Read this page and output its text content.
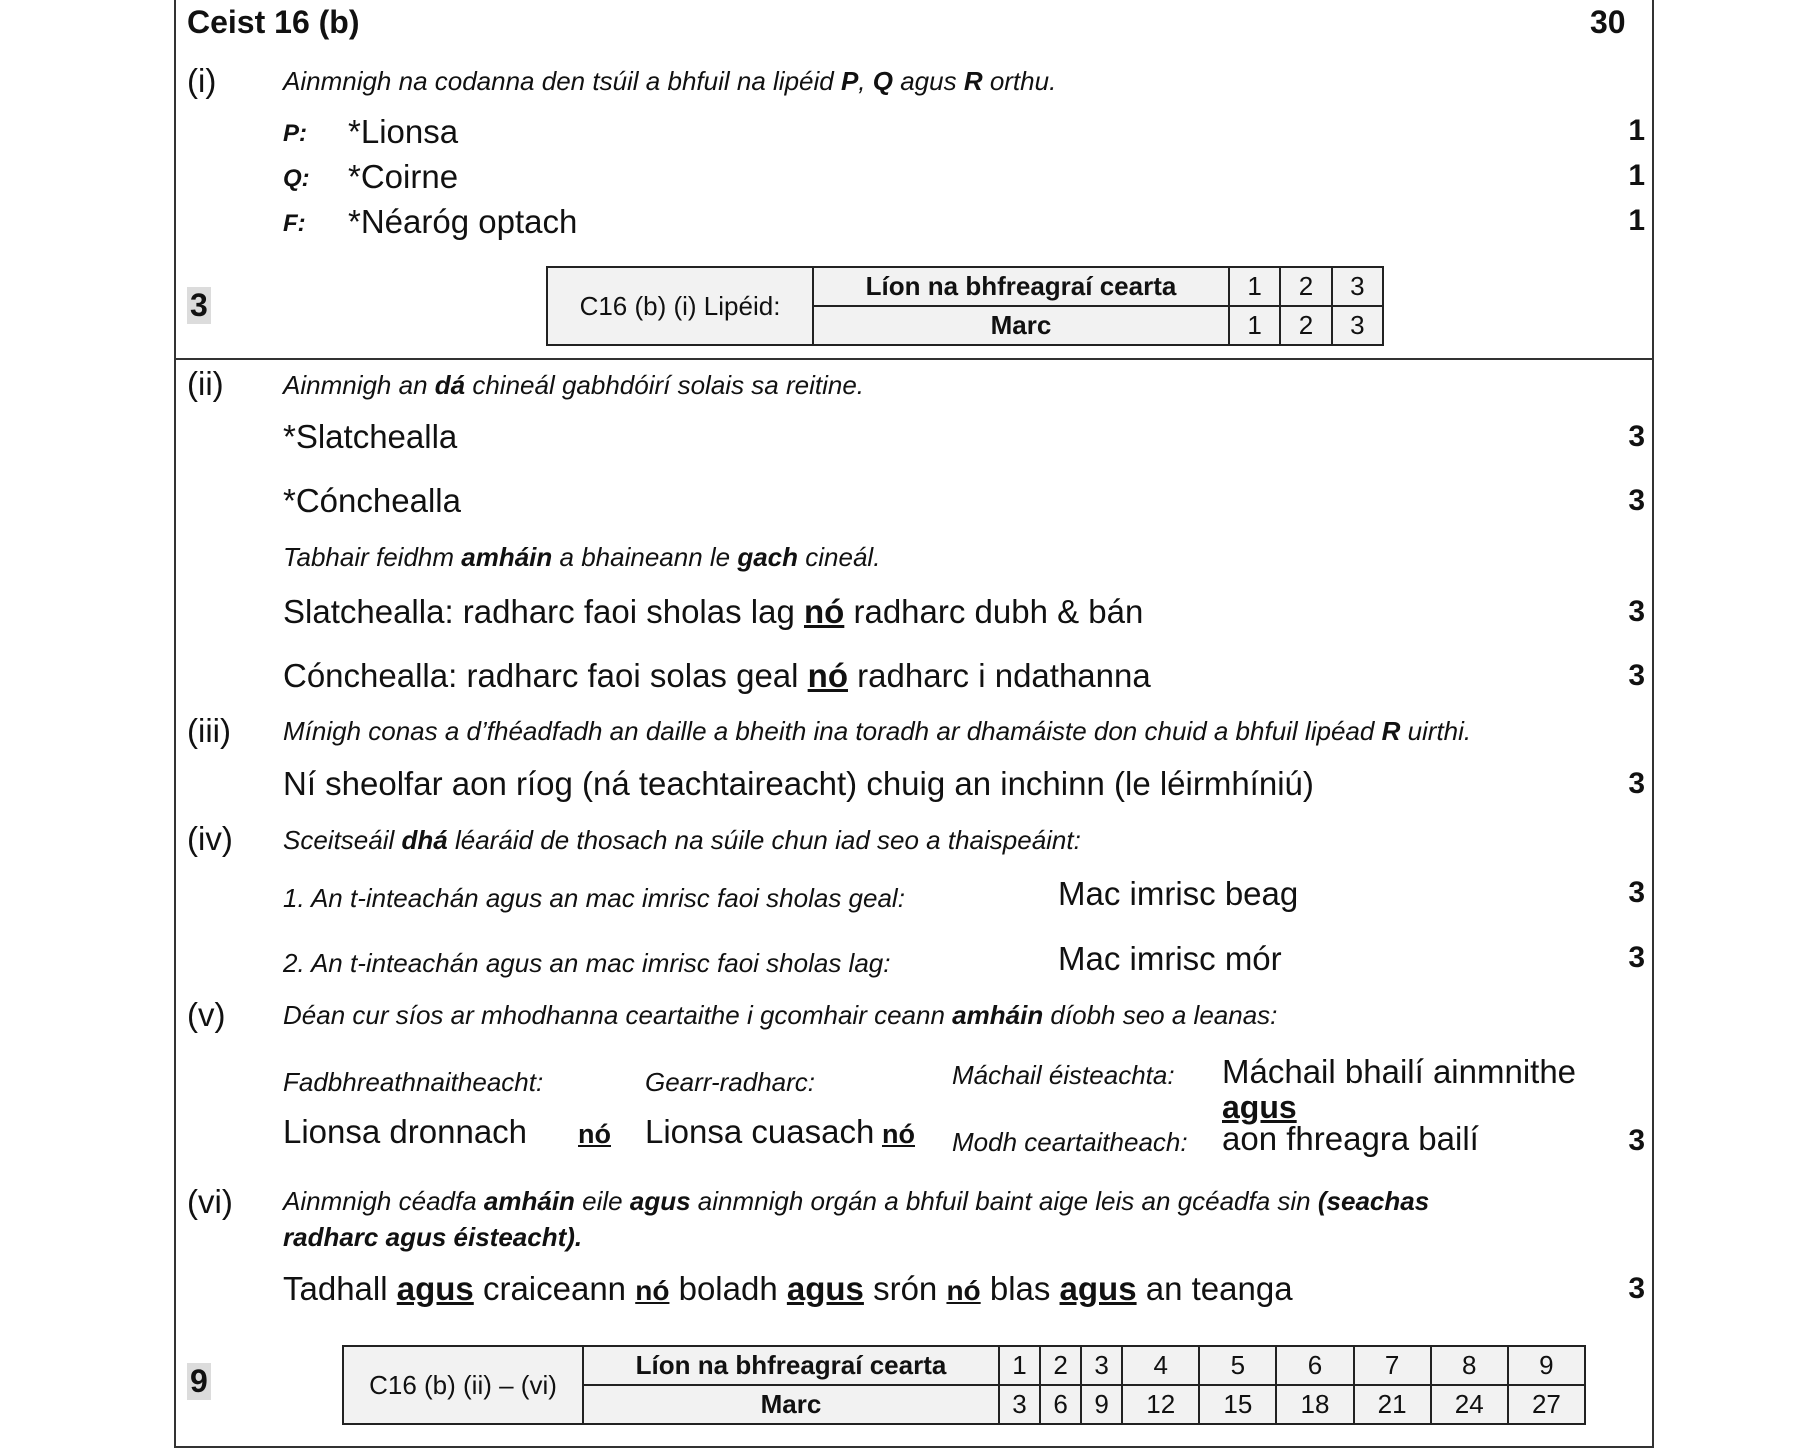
Ceist 16 (b)	30
(i)	Ainmnigh na codanna den tsúil a bhfuil na lipéid P, Q agus R orthu.
P: *Lionsa	1
Q: *Coirne	1
F: *Néaróg optach	1
3	C16 (b) (i) Lipéid:	Líon na bhfreagraí cearta	1	2	3
	Marc	1	2	3
(ii) Ainmnigh an dá chineál gabhdóirí solais sa reitine.
*Slatchealla	3
*Cónchealla	3
Tabhair feidhm amháin a bhaineann le gach cineál.
Slatchealla: radharc faoi sholas lag nó radharc dubh & bán	3
Cónchealla: radharc faoi solas geal nó radharc i ndathanna	3
(iii) Mínigh conas a d’fhéadfadh an daille a bheith ina toradh ar dhamáiste don chuid a bhfuil lipéad R uirthi.
Ní sheolfar aon ríog (ná teachtaireacht) chuig an inchinn (le léirmhíniú)	3
(iv) Sceitseáil dhá léaráid de thosach na súile chun iad seo a thaispeáint:
1. An t-inteachán agus an mac imrisc faoi sholas geal:	Mac imrisc beag	3
2. An t-inteachán agus an mac imrisc faoi sholas lag:	Mac imrisc mór	3
(v) Déan cur síos ar mhodhanna ceartaithe i gcomhair ceann amháin díobh seo a leanas:
Fadbhreathnaitheacht:
Lionsa dronnach nó
Gearr-radharc:
Lionsa cuasach nó
Máchail éisteachta: Máchail bhailí ainmnithe
agus
Modh ceartaitheach: aon fhreagra bailí	3
(vi) Ainmnigh céadfa amháin eile agus ainmnigh orgán a bhfuil baint aige leis an gcéadfa sin (seachas
radharc agus éisteacht).
Tadhall agus craiceann nó boladh agus srón nó blas agus an teanga	3
9	C16 (b) (ii) – (vi)	Líon na bhfreagraí cearta	1	2	3	4	5	6	7	8	9
	Marc	3	6	9	12	15	18	21	24	27
